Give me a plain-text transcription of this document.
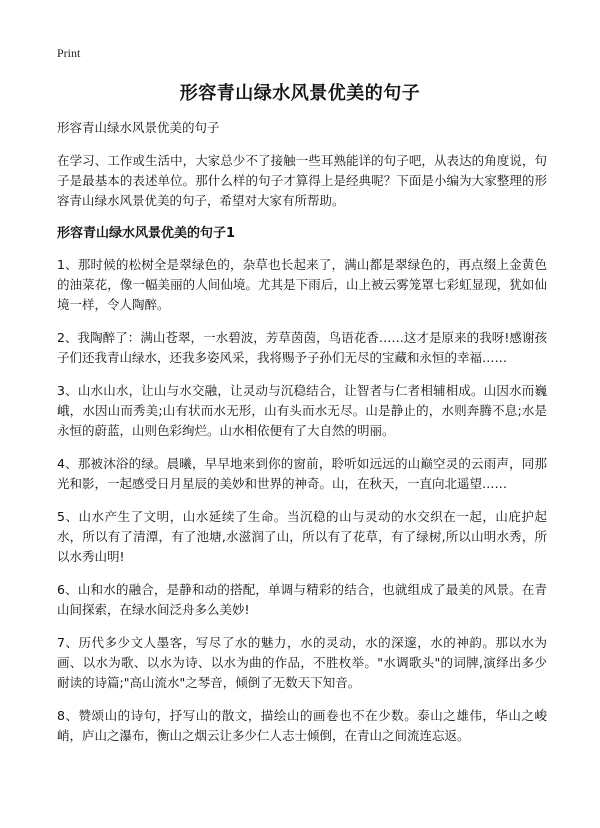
Print
形容青山绿水风景优美的句子

形容青山绿水风景优美的句子

在学习、工作或生活中，大家总少不了接触一些耳熟能详的句子吧，从表达的角度说，句子是最基本的表述单位。那什么样的句子才算得上是经典呢？下面是小编为大家整理的形容青山绿水风景优美的句子，希望对大家有所帮助。

形容青山绿水风景优美的句子1

1、那时候的松树全是翠绿色的，杂草也长起来了，满山都是翠绿色的，再点缀上金黄色的油菜花，像一幅美丽的人间仙境。尤其是下雨后，山上被云雾笼罩七彩虹显现，犹如仙境一样，令人陶醉。

2、我陶醉了：满山苍翠，一水碧波，芳草茵茵，鸟语花香……这才是原来的我呀!感谢孩子们还我青山绿水，还我多姿风采，我将赐予子孙们无尽的宝藏和永恒的幸福……

3、山水山水，让山与水交融，让灵动与沉稳结合，让智者与仁者相辅相成。山因水而巍峨，水因山而秀美;山有状而水无形，山有头而水无尽。山是静止的，水则奔腾不息;水是永恒的蔚蓝，山则色彩绚烂。山水相依便有了大自然的明丽。

4、那被沐浴的绿。晨曦，早早地来到你的窗前，聆听如远远的山巅空灵的云雨声，同那光和影，一起感受日月星辰的美妙和世界的神奇。山，在秋天，一直向北遥望……

5、山水产生了文明，山水延续了生命。当沉稳的山与灵动的水交织在一起，山庇护起水，所以有了清潭，有了池塘,水滋润了山，所以有了花草，有了绿树,所以山明水秀，所以水秀山明!

6、山和水的融合，是静和动的搭配，单调与精彩的结合，也就组成了最美的风景。在青山间探索，在绿水间泛舟多么美妙!

7、历代多少文人墨客，写尽了水的魅力，水的灵动，水的深邃，水的神韵。那以水为画、以水为歌、以水为诗、以水为曲的作品，不胜枚举。"水调歌头"的词牌,演绎出多少耐读的诗篇;"高山流水"之琴音，倾倒了无数天下知音。

8、赞颂山的诗句，抒写山的散文，描绘山的画卷也不在少数。泰山之雄伟，华山之峻峭，庐山之瀑布，衡山之烟云让多少仁人志士倾倒，在青山之间流连忘返。
